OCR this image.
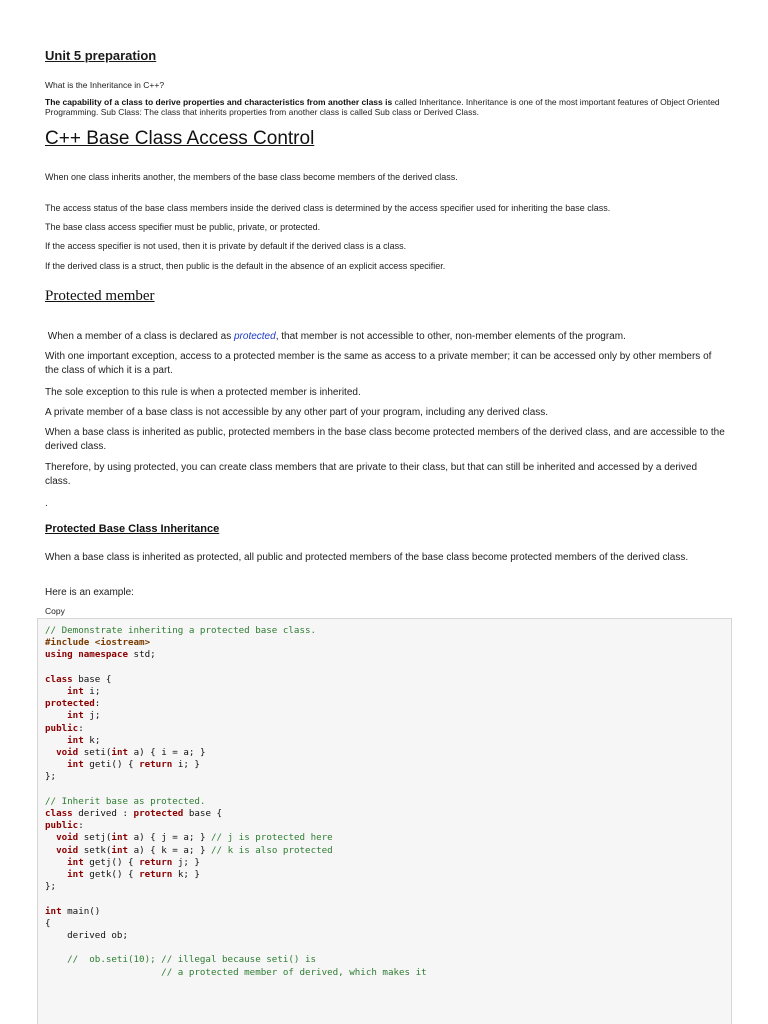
Unit 5 preparation
What is the Inheritance in C++?
The capability of a class to derive properties and characteristics from another class is called Inheritance. Inheritance is one of the most important features of Object Oriented Programming. Sub Class: The class that inherits properties from another class is called Sub class or Derived Class.
C++ Base Class Access Control
When one class inherits another, the members of the base class become members of the derived class.
The access status of the base class members inside the derived class is determined by the access specifier used for inheriting the base class.
The base class access specifier must be public, private, or protected.
If the access specifier is not used, then it is private by default if the derived class is a class.
If the derived class is a struct, then public is the default in the absence of an explicit access specifier.
Protected member
When a member of a class is declared as protected, that member is not accessible to other, non-member elements of the program.
With one important exception, access to a protected member is the same as access to a private member; it can be accessed only by other members of the class of which it is a part.
The sole exception to this rule is when a protected member is inherited.
A private member of a base class is not accessible by any other part of your program, including any derived class.
When a base class is inherited as public, protected members in the base class become protected members of the derived class, and are accessible to the derived class.
Therefore, by using protected, you can create class members that are private to their class, but that can still be inherited and accessed by a derived class.
.
Protected Base Class Inheritance
When a base class is inherited as protected, all public and protected members of the base class become protected members of the derived class.
Here is an example:
Copy
// Demonstrate inheriting a protected base class.
#include <iostream>
using namespace std;

class base {
int i;
protected:
int j;
public:
int k;
void seti(int a) { i = a; }
int geti() { return i; }
};

// Inherit base as protected.
class derived : protected base {
public:
void setj(int a) { j = a; } // j is protected here
void setk(int a) { k = a; } // k is also protected
int getj() { return j; }
int getk() { return k; }
};

int main()
{
derived ob;

//  ob.seti(10); // illegal because seti() is
// a protected member of derived, which makes it
